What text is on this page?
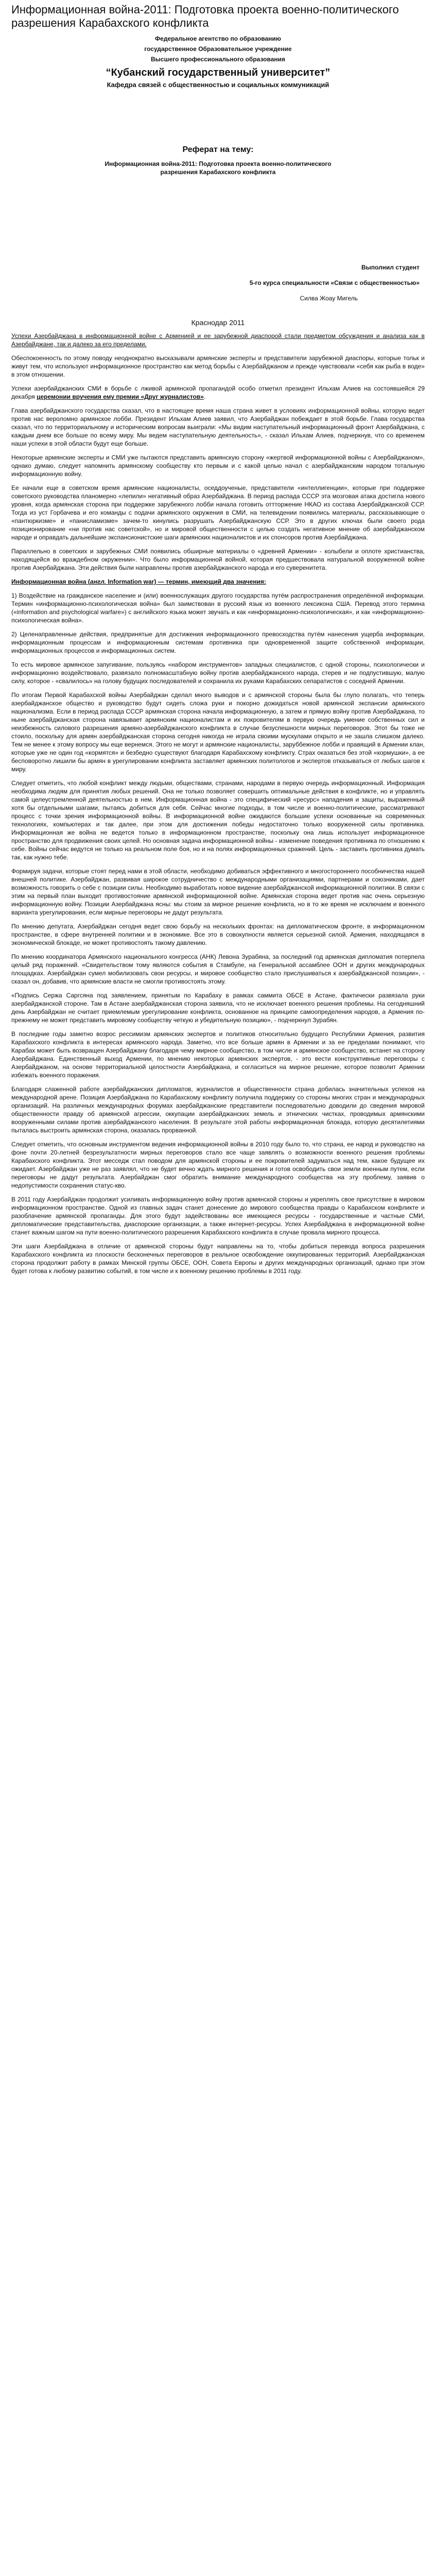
Информационная война-2011: Подготовка проекта военно-политического разрешения Карабахского конфликта

Федеральное агентство по образованию

государственное Образовательное учреждение

Высшего профессионального образования

“Кубанский государственный университет”

Кафедра связей с общественностью и социальных коммуникаций

Реферат на тему:

Информационная война-2011: Подготовка проекта военно-политического разрешения Карабахского конфликта

Выполнил студент

5-го курса специальности «Связи с общественностью»

Силва Жоау Мигель

Краснодар 2011

Успехи Азербайджана в информационной войне с Арменией и ее зарубежной диаспорой стали предметом обсуждения и анализа как в Азербайджане, так и далеко за его пределами.

Обеспокоенность по этому поводу неоднократно высказывали армянские эксперты и представители зарубежной диаспоры, которые тольк и живут тем, что используют информационное пространство как метод борьбы с Азербайджаном и прежде чувствовали «себя как рыба в воде» в этом отношении.

Успехи азербайджанских СМИ в борьбе с лживой армянской пропагандой особо отметил президент Ильхам Алиев на состоявшейся 29 декабря церемонии вручения ему премии «Друг журналистов».

Глава азербайджанского государства сказал, что в настоящее время наша страна живет в условиях информационной войны, которую ведет против нас вероломно армянское лобби. Президент Ильхам Алиев заявил, что Азербайджан побеждает в этой борьбе. Глава государства сказал, что по территориальному и историческим вопросам выиграли: «Мы видим наступательный информационный фронт Азербайджана, с каждым днем все больше по всему миру. Мы ведем наступательную деятельность», - сказал Ильхам Алиев, подчеркнув, что со временем наши успехи в этой области будут еще больше.

Некоторые армянские эксперты и СМИ уже пытаются представить армянскую сторону «жертвой информационной войны с Азербайджаном», однако думаю, следует напомнить армянскому сообществу кто первым и с какой целью начал с азербайджанским народом тотальную информационную войну.

Ее начали еще в советском время армянские националисты, оседдоученые, представители «интеллигенции», которые при поддержке советского руководства планомерно «лепили» негативный образ Азербайджана. В период распада СССР эта мозговая атака достигла нового уровня, когда армянская сторона при поддержке зарубежного лобби начала готовить оттторжение НКАО из состава Азербайджанской ССР. Тогда из уст Горбачева и его команды с подачи армянского окружения в СМИ, на телевидении появились материалы, рассказывающие о «пантюркизме» и «панисламизме» зачем-то кинулись разрушать Азербайджанскую ССР. Это в других ключах были своего рода позиционирование «ни против нас советской», но и мировой общественности с целью создать негативное мнение об азербайджанском народе и оправдать дальнейшие экспансионистские шаги армянских националистов и их спонсоров против Азербайджана.

Параллельно в советских и зарубежных СМИ появились обширные материалы о «древней Армении» - колыбели и оплоте христианства, находящейся во враждебном окружении». Что было информационной войной, которая предшествовала натуральной вооруженной войне против Азербайджана. Эти действия были направлены против азербайджанского народа и его суверенитета.

Информационная война (англ. Information war) — термин, имеющий два значения:

1) Воздействие на гражданское население и (или) военнослужащих другого государства путём распространения определённой информации. Термин «информационно-психологическая война» был заимствован в русский язык из военного лексикона США. Перевод этого термина («information and psychological warfare») с английского языка может звучать и как «информационно-психологическая», и как «информационно-психологическая война».

2) Целенаправленные действия, предпринятые для достижения информационного превосходства путём нанесения ущерба информации, информационным процессам и информационным системам противника при одновременной защите собственной информации, информационных процессов и информационных систем.

То есть мировое армянское запугивание, пользуясь «набором инструментов» западных специалистов, с одной стороны, психологически и информационно воздействовало, развязало полномасштабную войну против азербайджанского народа, стерев и не подпустившую, малую силу, которое - «свалилось» на голову будущих последователей и сохранила их руками Карабахских сепаратистов с соседней Армении.

По итогам Первой Карабахской войны Азербайджан сделал много выводов и с армянской стороны была бы глупо полагать, что теперь азербайджанское общество и руководство будут сидеть сложа руки и покорно дожидаться новой армянской экспансии армянского национализма. Если в период распада СССР армянская сторона начала информационную, а затем и прямую войну против Азербайджана, то ныне азербайджанская сторона навязывает армянским националистам и их покровителям в первую очередь умение собственных сил и неизбежность силового разрешения армяно-азербайджанского конфликта в случае безуспешности мирных переговоров. Этот бы тоже не стоило, поскольку для армян азербайджанская сторона сегодня никогда не играла своими мускулами открыто и не зашла слишком далеко. Тем не менее к этому вопросу мы еще вернемся. Этого не могут и армянские националисты, заруббежное лобби и правящий в Армении клан, которые уже не один год «кормятся» и безбедно существуют благодаря Карабахскому конфликту. Страх оказаться без этой «кормушки», а ее бесповоротно лишили бы армян в урегулировании конфликта заставляет армянских политологов и экспертов отказываться от любых шагов к миру.

Следует отметить, что любой конфликт между людьми, обществами, странами, народами в первую очередь информационный. Информация необходима людям для принятия любых решений. Она не только позволяет совершить оптимальные действия в конфликте, но и управлять самой целеустремленной деятельностью в нем. Информационная война - это специфический «ресурс» нападения и защиты, выраженный хотя бы отдельными шагами, пытаясь добиться для себя. Сейчас многие подходы, в том числе и военно-политические, рассматривают процесс с точки зрения информационной войны. В информационной войне ожидаются большие успехи основанные на современных технологиях, компьютерах и так далее, при этом для достижения победы недостаточно только вооруженной силы противника. Информационная же война не ведется только в информационном пространстве, поскольку она лишь использует информационное пространство для продвижения своих целей. Но основная задача информационной войны - изменение поведения противника по отношению к себе. Войны сейчас ведутся не только на реальном поле боя, но и на полях информационных сражений. Цель - заставить противника думать так, как нужно тебе.

Формируя задачи, которые стоят перед нами в этой области, необходимо добиваться эффективного и многостороннего пособничества нашей внешней политике. Азербайджан, развивая широкое сотрудничество с международными организациями, партнерами и союзниками, дает возможность говорить о себе с позиции силы. Необходимо выработать новое видение азербайджанской информационной политики. В связи с этим на первый план выходит противостояние армянской информационной войне. Армянская сторона ведет против нас очень серьезную информационную войну. Позиции Азербайджана ясны: мы стоим за мирное решение конфликта, но в то же время не исключаем и военного варианта урегулирования, если мирные переговоры не дадут результата.

По мнению депутата, Азербайджан сегодня ведет свою борьбу на нескольких фронтах: на дипломатическом фронте, в информационном пространстве, в сфере внутренней политики и в экономике. Все это в совокупности является серьезной силой. Армения, находящаяся в экономической блокаде, не может противостоять такому давлению.

По мнению координатора Армянского национального конгресса (АНК) Левона Зурабяна, за последний год армянская дипломатия потерпела целый ряд поражений. «Свидетельством тому являются события в Стамбуле, на Генеральной ассамблее ООН и других международных площадках. Азербайджан сумел мобилизовать свои ресурсы, и мировое сообщество стало прислушиваться к азербайджанской позиции», - сказал он, добавив, что армянские власти не смогли противостоять этому.

«Подпись Сержа Саргсяна под заявлением, принятым по Карабаху в рамках саммита ОБСЕ в Астане, фактически развязала руки азербайджанской стороне. Там в Астане азербайджанская сторона заявила, что не исключает военного решения проблемы. На сегодняшний день Азербайджан не считает приемлемым урегулирование конфликта, основанное на принципе самоопределения народов, а Армения по-прежнему не может представить мировому сообществу четкую и убедительную позицию», - подчеркнул Зурабян.

В последние годы заметно возрос рессимизм армянских экспертов и политиков относительно будущего Республики Армения, развития Карабахского конфликта в интересах армянского народа. Заметно, что все больше армян в Армении и за ее пределами понимают, что Карабах может быть возвращен Азербайджану благодаря чему мирное сообщество, в том числе и армянское сообщество, встанет на сторону Азербайджана. Единственный выход Армении, по мнению некоторых армянских экспертов, - это вести конструктивные переговоры с Азербайджаном, на основе территориальной целостности Азербайджана, и согласиться на мирное решение, которое позволит Армении избежать военного поражения.

Благодаря слаженной работе азербайджанских дипломатов, журналистов и общественности страна добилась значительных успехов на международной арене. Позиция Азербайджана по Карабахскому конфликту получила поддержку со стороны многих стран и международных организаций. На различных международных форумах азербайджанские представители последовательно доводили до сведения мировой общественности правду об армянской агрессии, оккупации азербайджанских земель и этнических чистках, проводимых армянскими вооруженными силами против азербайджанского населения. В результате этой работы информационная блокада, которую десятилетиями пыталась выстроить армянская сторона, оказалась прорванной.

Следует отметить, что основным инструментом ведения информационной войны в 2010 году было то, что страна, ее народ и руководство на фоне почти 20-летней безрезультатности мирных переговоров стало все чаще заявлять о возможности военного решения проблемы Карабахского конфликта. Этот месседж стал поводом для армянской стороны и ее покровителей задуматься над тем, какое будущее их ожидает. Азербайджан уже не раз заявлял, что не будет вечно ждать мирного решения и готов освободить свои земли военным путем, если переговоры не дадут результата. Азербайджан смог обратить внимание международного сообщества на эту проблему, заявив о недопустимости сохранения статус-кво.

В 2011 году Азербайджан продолжит усиливать информационную войну против армянской стороны и укреплять свое присутствие в мировом информационном пространстве. Одной из главных задач станет донесение до мирового сообщества правды о Карабахском конфликте и разоблачение армянской пропаганды. Для этого будут задействованы все имеющиеся ресурсы - государственные и частные СМИ, дипломатические представительства, диаспорские организации, а также интернет-ресурсы. Успех Азербайджана в информационной войне станет важным шагом на пути военно-политического разрешения Карабахского конфликта в случае провала мирного процесса.

Эти шаги Азербайджана в отличие от армянской стороны будут направлены на то, чтобы добиться перевода вопроса разрешения Карабахского конфликта из плоскости бесконечных переговоров в реальное освобождение оккупированных территорий. Азербайджанская сторона продолжит работу в рамках Минской группы ОБСЕ, ООН, Совета Европы и других международных организаций, однако при этом будет готова к любому развитию событий, в том числе и к военному решению проблемы в 2011 году.
